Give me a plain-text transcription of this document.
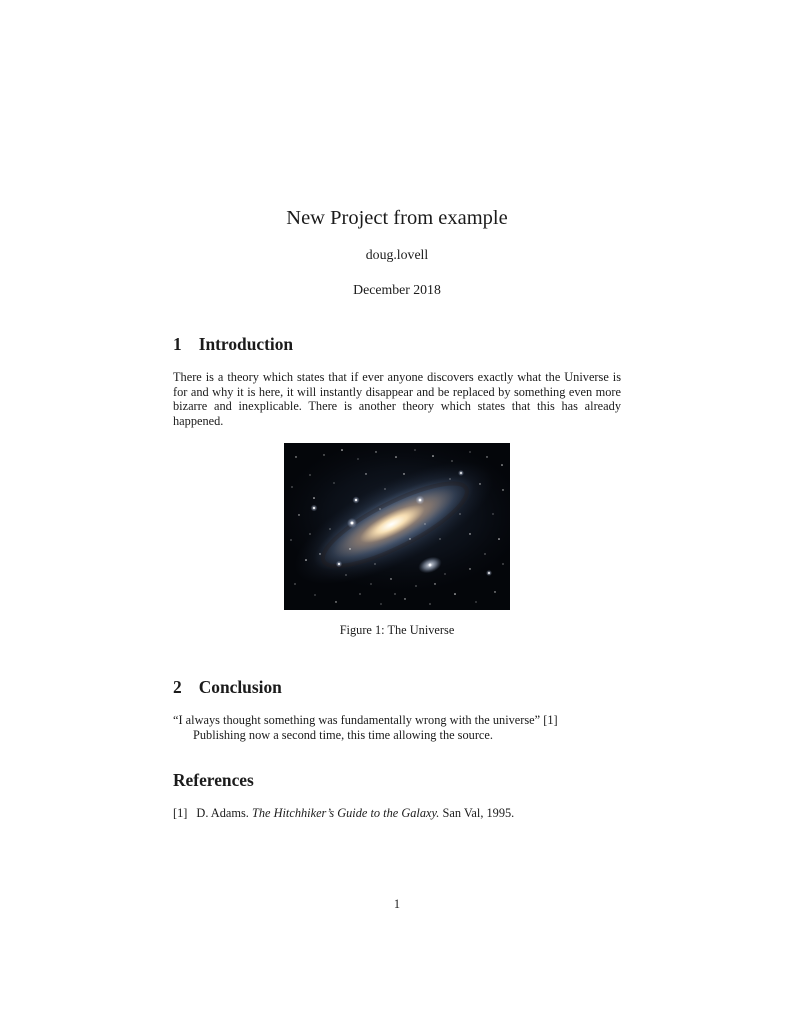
New Project from example
doug.lovell
December 2018
1 Introduction

There is a theory which states that if ever anyone discovers exactly what the Universe is for and why it is here, it will instantly disappear and be replaced by something even more bizarre and inexplicable. There is another theory which states that this has already happened.

Figure 1: The Universe
2 Conclusion
“I always thought something was fundamentally wrong with the universe” [1]
Publishing now a second time, this time allowing the source.
References
[1] D. Adams. The Hitchhiker’s Guide to the Galaxy. San Val, 1995.
1
